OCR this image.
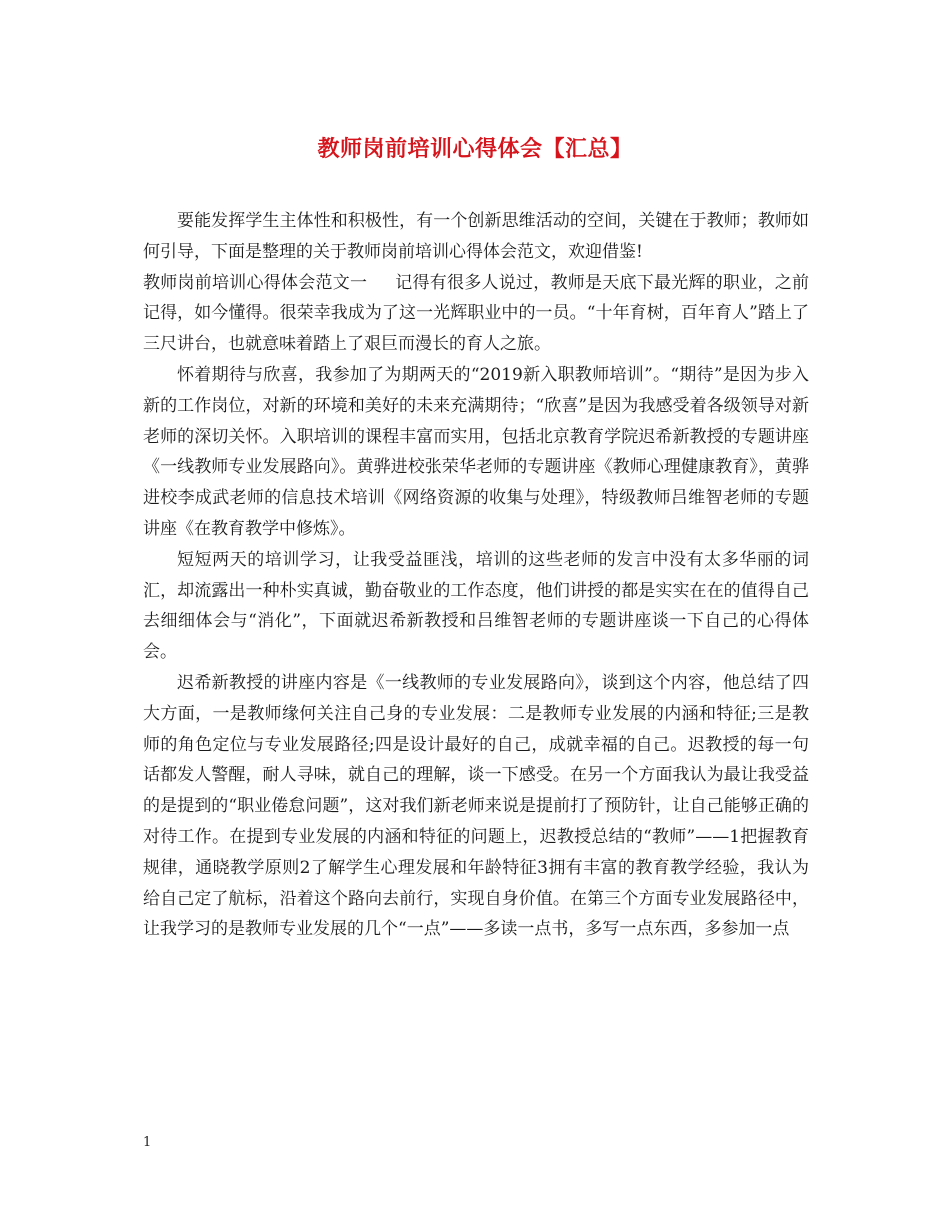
教师岗前培训心得体会【汇总】

要能发挥学生主体性和积极性，有一个创新思维活动的空间，关键在于教师；教师如何引导，下面是整理的关于教师岗前培训心得体会范文，欢迎借鉴!

教师岗前培训心得体会范文一 记得有很多人说过，教师是天底下最光辉的职业，之前记得，如今懂得。很荣幸我成为了这一光辉职业中的一员。“十年育树，百年育人”踏上了三尺讲台，也就意味着踏上了艰巨而漫长的育人之旅。

怀着期待与欣喜，我参加了为期两天的“2019新入职教师培训”。“期待”是因为步入新的工作岗位，对新的环境和美好的未来充满期待；“欣喜”是因为我感受着各级领导对新老师的深切关怀。入职培训的课程丰富而实用，包括北京教育学院迟希新教授的专题讲座《一线教师专业发展路向》。黄骅进校张荣华老师的专题讲座《教师心理健康教育》，黄骅进校李成武老师的信息技术培训《网络资源的收集与处理》，特级教师吕维智老师的专题讲座《在教育教学中修炼》。

短短两天的培训学习，让我受益匪浅，培训的这些老师的发言中没有太多华丽的词汇，却流露出一种朴实真诚，勤奋敬业的工作态度，他们讲授的都是实实在在的值得自己去细细体会与“消化”，下面就迟希新教授和吕维智老师的专题讲座谈一下自己的心得体会。

迟希新教授的讲座内容是《一线教师的专业发展路向》，谈到这个内容，他总结了四大方面，一是教师缘何关注自己身的专业发展：二是教师专业发展的内涵和特征;三是教师的角色定位与专业发展路径;四是设计最好的自己，成就幸福的自己。迟教授的每一句话都发人警醒，耐人寻味，就自己的理解，谈一下感受。在另一个方面我认为最让我受益的是提到的“职业倦怠问题”，这对我们新老师来说是提前打了预防针，让自己能够正确的对待工作。在提到专业发展的内涵和特征的问题上，迟教授总结的“教师”——1把握教育规律，通晓教学原则2了解学生心理发展和年龄特征3拥有丰富的教育教学经验，我认为给自己定了航标，沿着这个路向去前行，实现自身价值。在第三个方面专业发展路径中，让我学习的是教师专业发展的几个“一点”——多读一点书，多写一点东西，多参加一点

1
